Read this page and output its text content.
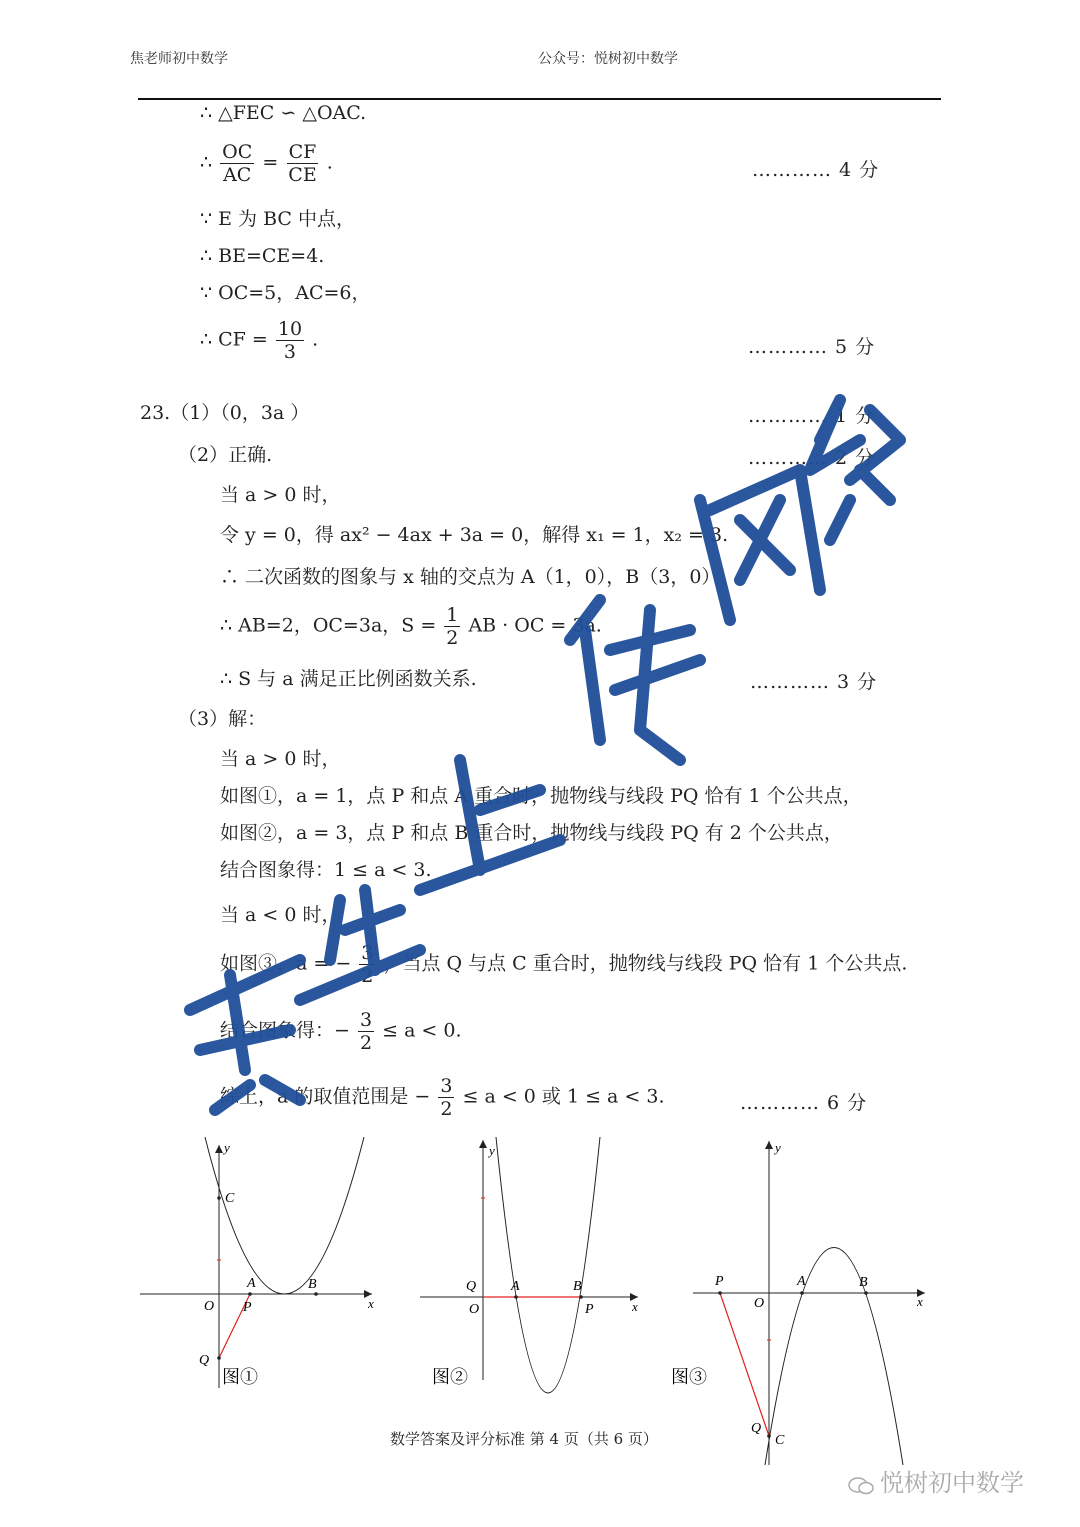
焦老师初中数学	公众号：悦树初中数学
∴ △FEC ∽ △OAC.
∴ $\frac{OC}{AC} = \frac{CF}{CE}$ .	………… 4 分
∵ E 为 BC 中点，
∴ BE=CE=4.
∵ OC=5，AC=6，
∴ CF = $\frac{10}{3}$ .	………… 5 分
23.（1）（0，3a ）	………… 1 分
（2）正确.	………… 2 分
当 a > 0 时，
令 y = 0，得 ax² − 4ax + 3a = 0，解得 x₁ = 1，x₂ = 3.
∴ 二次函数的图象与 x 轴的交点为 A（1，0），B（3，0）.
∴ AB=2，OC=3a，$S = \frac{1}{2}$ AB · OC = 3a.
∴ S 与 a 满足正比例函数关系.	………… 3 分
（3）解：
当 a > 0 时，
如图①，a = 1，点 P 和点 A 重合时，抛物线与线段 PQ 恰有 1 个公共点，
如图②，a = 3，点 P 和点 B 重合时，抛物线与线段 PQ 有 2 个公共点，
结合图象得：1 ≤ a < 3.
当 a < 0 时，
如图③，a = − $\frac{3}{2}$ ，当点 Q 与点 C 重合时，抛物线与线段 PQ 恰有 1 个公共点.
结合图象得：− $\frac{3}{2} \le a < 0$.
综上，a 的取值范围是 − $\frac{3}{2} \le a < 0$ 或 1 ≤ a < 3.	………… 6 分
y
x
O
C
A	B
P
Q
图①
y
x
O
Q A	B
P
图②
y
x
O
P	A	B
Q
C
图③
数学答案及评分标准 第 4 页（共 6 页）
悦树初中数学
